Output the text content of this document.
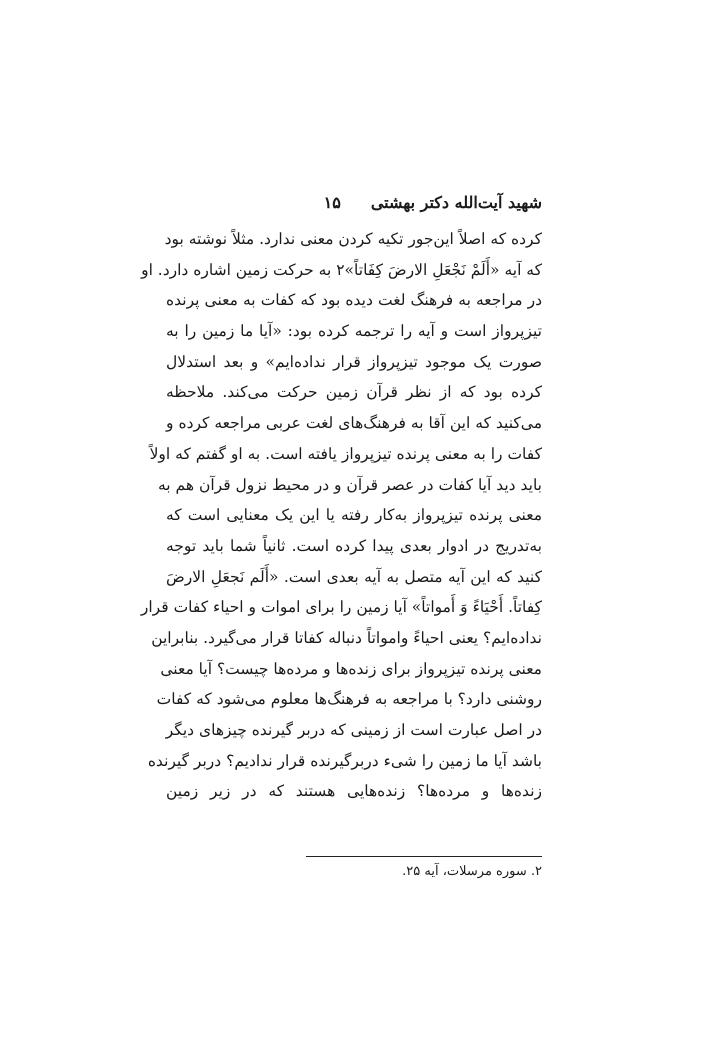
شهید آیت‌الله دکتر بهشتی
۱۵
کرده که اصلاً این‌جور تکیه کردن معنی ندارد. مثلاً نوشته بود
که آیه «أَلَمْ نَجْعَلِ الارضَ كِفَاتاً»۲ به حرکت زمین اشاره دارد. او
در مراجعه به فرهنگ لغت دیده بود که کفات به معنی پرنده
تیزپرواز است و آیه را ترجمه کرده بود: «آیا ما زمین را به
صورت یک موجود تیزپرواز قرار نداده‌ایم» و بعد استدلال
کرده بود که از نظر قرآن زمین حرکت می‌کند. ملاحظه
می‌کنید که این آقا به فرهنگ‌های لغت عربی مراجعه کرده و
کفات را به معنی پرنده تیزپرواز یافته است. به او گفتم که اولاً
باید دید آیا کفات در عصر قرآن و در محیط نزول قرآن هم به
معنی پرنده تیزپرواز به‌کار رفته یا این یک معنایی است که
به‌تدریج در ادوار بعدی پیدا کرده است. ثانیاً شما باید توجه
کنید که این آیه متصل به آیه بعدی است. «أَلَم نَجعَلِ الارضَ
كِفاتاً. أَحْيَاءً وَ أَمواتاً» آیا زمین را برای اموات و احیاء کفات قرار
نداده‌ایم؟ یعنی احیاءً وامواتاً دنباله کفاتا قرار می‌گیرد. بنابراین
معنی پرنده تیزپرواز برای زنده‌ها و مرده‌ها چیست؟ آیا معنی
روشنی دارد؟ با مراجعه به فرهنگ‌ها معلوم می‌شود که کفات
در اصل عبارت است از زمینی که دربر گیرنده چیزهای دیگر
باشد آیا ما زمین را شیء دربرگیرنده قرار ندادیم؟ دربر گیرنده
زنده‌ها و مرده‌ها؟ زنده‌هایی هستند که در زیر زمین
۲. سوره مرسلات، آیه ۲۵.
